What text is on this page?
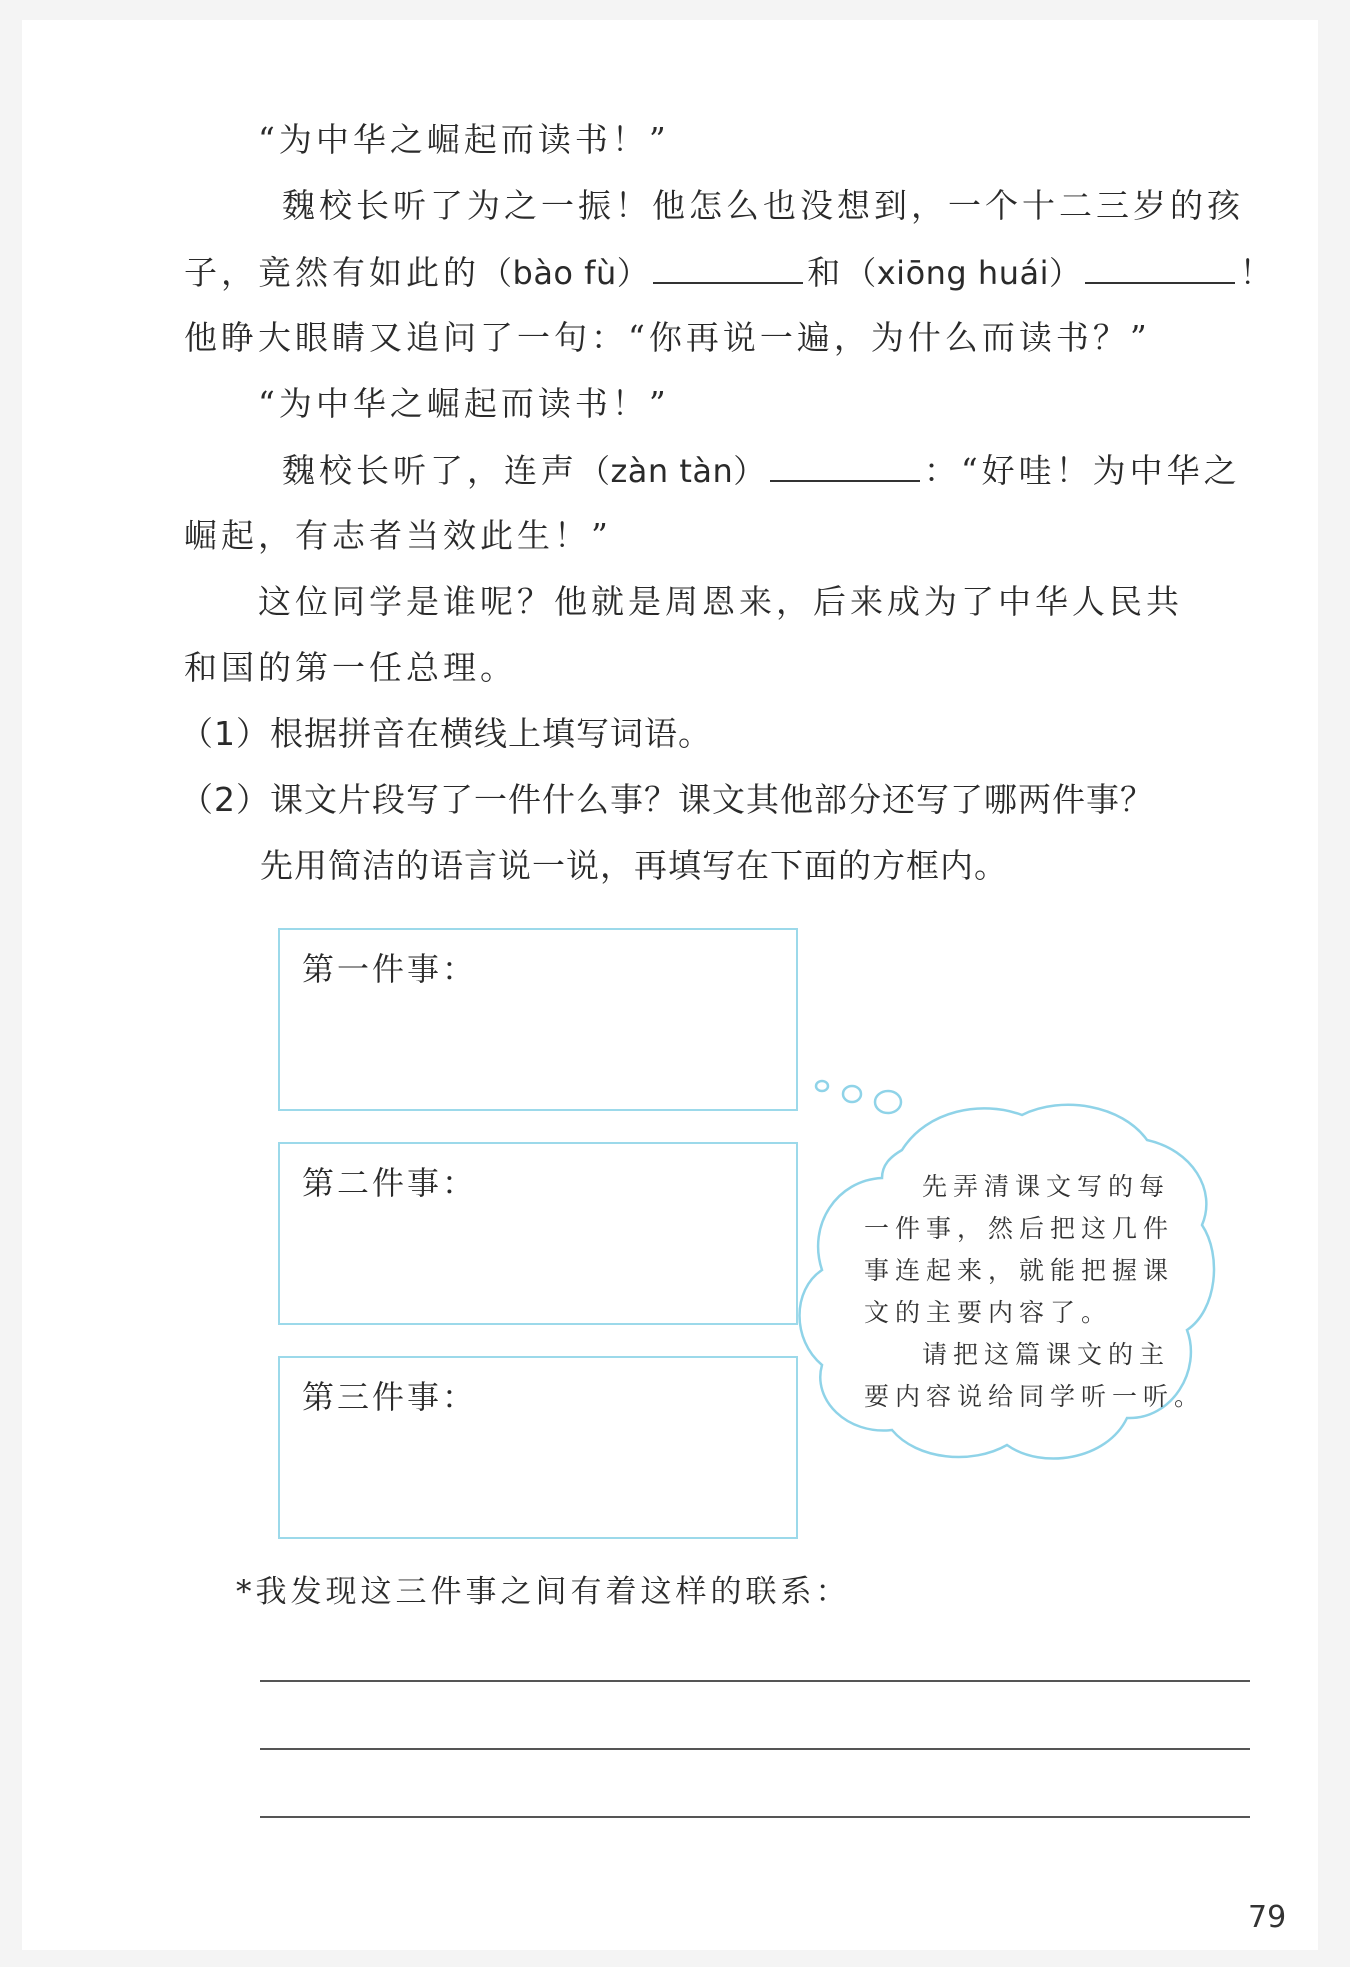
“为中华之崛起而读书！”
魏校长听了为之一振！他怎么也没想到，一个十二三岁的孩
子，竟然有如此的（bào fù）	和（xiōng huái）	！
他睁大眼睛又追问了一句：“你再说一遍，为什么而读书？”
“为中华之崛起而读书！”
魏校长听了，连声（zàn tàn）	：“好哇！为中华之
崛起，有志者当效此生！”
这位同学是谁呢？他就是周恩来，后来成为了中华人民共
和国的第一任总理。
（1）根据拼音在横线上填写词语。
（2）课文片段写了一件什么事？课文其他部分还写了哪两件事？
先用简洁的语言说一说，再填写在下面的方框内。
第一件事：
第二件事：
第三件事：
先弄清课文写的每
一件事，然后把这几件
事连起来，就能把握课
文的主要内容了。
请把这篇课文的主
要内容说给同学听一听。
*我发现这三件事之间有着这样的联系：
79
